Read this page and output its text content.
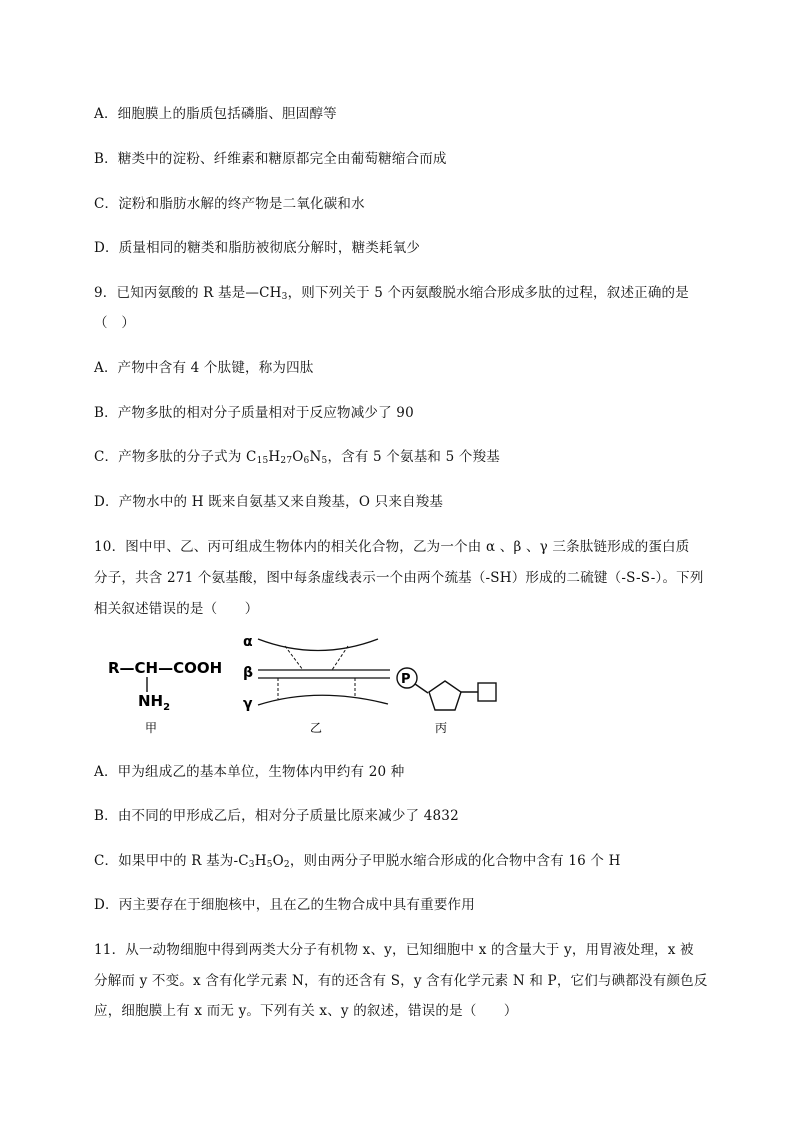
A．细胞膜上的脂质包括磷脂、胆固醇等
B．糖类中的淀粉、纤维素和糖原都完全由葡萄糖缩合而成
C．淀粉和脂肪水解的终产物是二氧化碳和水
D．质量相同的糖类和脂肪被彻底分解时，糖类耗氧少
9．已知丙氨酸的 R 基是$—CH_3$，则下列关于 5 个丙氨酸脱水缩合形成多肽的过程，叙述正确的是
（　）
A．产物中含有 4 个肽键，称为四肽
B．产物多肽的相对分子质量相对于反应物减少了 90
C．产物多肽的分子式为 $C_{15}H_{27}O_6N_5$，含有 5 个氨基和 5 个羧基
D．产物水中的 H 既来自氨基又来自羧基，O 只来自羧基
10．图中甲、乙、丙可组成生物体内的相关化合物，乙为一个由 α 、β 、γ 三条肽链形成的蛋白质
分子，共含 271 个氨基酸，图中每条虚线表示一个由两个巯基（-SH）形成的二硫键（-S-S-）。下列
相关叙述错误的是（　　）
R—CH—COOH
$NH_2$
甲
α
β
γ
乙
P
丙
A．甲为组成乙的基本单位，生物体内甲约有 20 种
B．由不同的甲形成乙后，相对分子质量比原来减少了 4832
C．如果甲中的 R 基为$-C_3H_5O_2$，则由两分子甲脱水缩合形成的化合物中含有 16 个 H
D．丙主要存在于细胞核中，且在乙的生物合成中具有重要作用
11．从一动物细胞中得到两类大分子有机物 x、y，已知细胞中 x 的含量大于 y，用胃液处理，x 被
分解而 y 不变。x 含有化学元素 N，有的还含有 S，y 含有化学元素 N 和 P，它们与碘都没有颜色反
应，细胞膜上有 x 而无 y。下列有关 x、y 的叙述，错误的是（　　）
